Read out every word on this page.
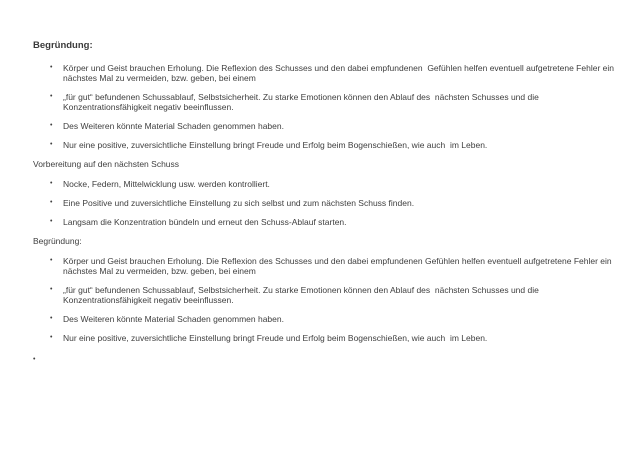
Begründung:
• Körper und Geist brauchen Erholung. Die Reflexion des Schusses und den dabei empfundenen  Gefühlen helfen eventuell aufgetretene Fehler ein nächstes Mal zu vermeiden, bzw. geben, bei einem
• „für gut“ befundenen Schussablauf, Selbstsicherheit. Zu starke Emotionen können den Ablauf des  nächsten Schusses und die Konzentrationsfähigkeit negativ beeinflussen.
• Des Weiteren könnte Material Schaden genommen haben.
• Nur eine positive, zuversichtliche Einstellung bringt Freude und Erfolg beim Bogenschießen, wie auch  im Leben.
Vorbereitung auf den nächsten Schuss
• Nocke, Federn, Mittelwicklung usw. werden kontrolliert.
• Eine Positive und zuversichtliche Einstellung zu sich selbst und zum nächsten Schuss finden.
• Langsam die Konzentration bündeln und erneut den Schuss-Ablauf starten.
Begründung:
• Körper und Geist brauchen Erholung. Die Reflexion des Schusses und den dabei empfundenen Gefühlen helfen eventuell aufgetretene Fehler ein nächstes Mal zu vermeiden, bzw. geben, bei einem
• „für gut“ befundenen Schussablauf, Selbstsicherheit. Zu starke Emotionen können den Ablauf des  nächsten Schusses und die Konzentrationsfähigkeit negativ beeinflussen.
• Des Weiteren könnte Material Schaden genommen haben.
• Nur eine positive, zuversichtliche Einstellung bringt Freude und Erfolg beim Bogenschießen, wie auch  im Leben.
•
